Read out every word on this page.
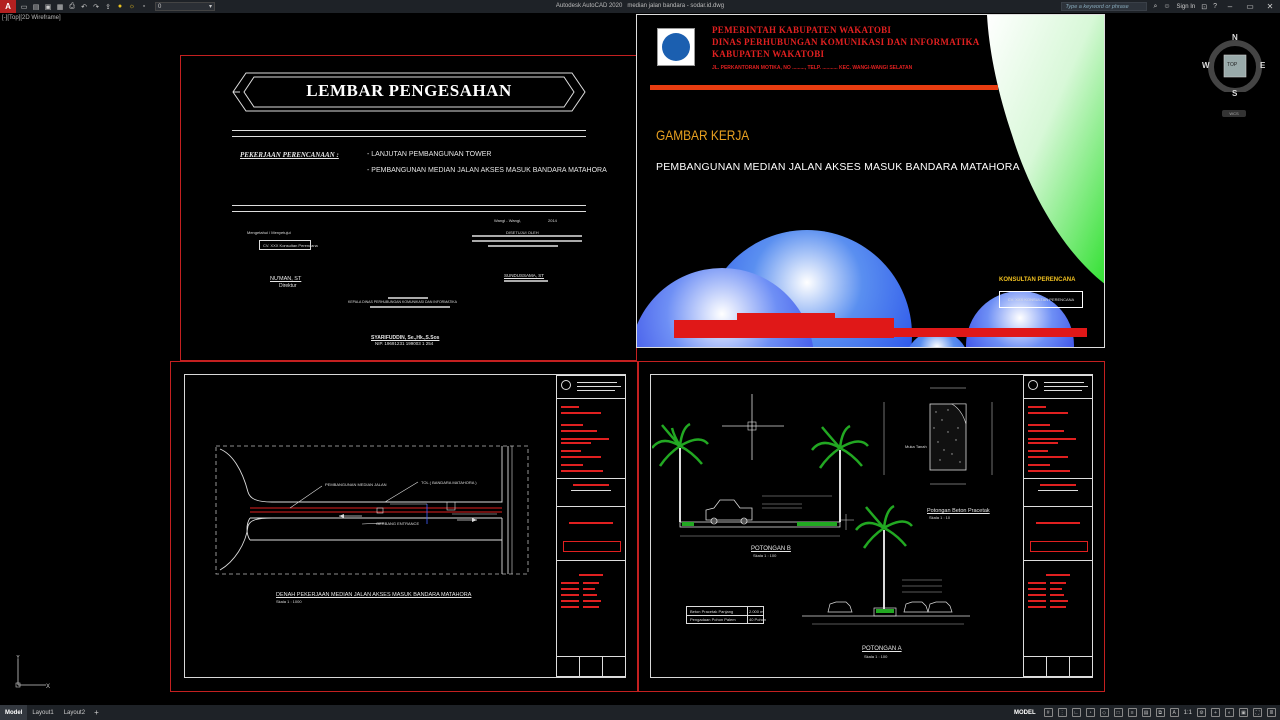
A	▭ ▤ ▣ ▦ ⎙ ↶ ↷ ⇪ ● ☼	▫	0	▾	Autodesk AutoCAD 2020 median jalan bandara - sodar.id.dwg	Type a keyword or phrase	⌕ ☺ Sign In ⊡ ?	–	▭	✕
[-][Top][2D Wireframe]
LEMBAR PENGESAHAN
PEKERJAAN PERENCANAAN :	- LANJUTAN PEMBANGUNAN TOWER
- PEMBANGUNAN MEDIAN JALAN AKSES MASUK BANDARA MATAHORA
Wangi - Wangi,	2014
Mengetahui / Menyetujui	DISETUJUI OLEH
CV. XXX Konsultan Perencana
NU'MAN, ST
Direktur
SUNDUSSAMA, ST
KEPALA DINAS PERHUBUNGAN KOMUNIKASI DAN INFORMATIKA
SYARIFUDDIN, Se.,Hk.,S.Sos
NIP. 19691231 199003 1 254
PEMERINTAH KABUPATEN WAKATOBI
DINAS PERHUBUNGAN KOMUNIKASI DAN INFORMATIKA
KABUPATEN WAKATOBI
JL. PERKANTORAN MOTIKA, NO ........., TELP. ........... KEC. WANGI-WANGI SELATAN
GAMBAR KERJA
PEMBANGUNAN MEDIAN JALAN AKSES MASUK BANDARA MATAHORA
KONSULTAN PERENCANA
CV. XXX KONSULTAN PERENCANA
PEMBANGUNAN MEDIAN JALAN	TOL ( BANDARA MATAHORA )
GERBANG ENTRANCE
DENAH PEKERJAAN MEDIAN JALAN AKSES MASUK BANDARA MATAHORA
Skala 1 : 1000
POTONGAN B
Skala 1 : 100
POTONGAN A
Skala 1 : 100
Potongan Beton Pracetak
Skala 1 : 10
Muka Tanah
Beton Pracetak Panjang	2.000 m
Pengadaan Pohon Palem	40 Pohon
TOP
N
S
W	E
WCS
Y
X
Model	Layout1	Layout2	+	MODEL	#	⋮	∟	◔	◇	□	≡	▤	⧉	A	1:1	⚙	+	◐	▣	⛶	≣
